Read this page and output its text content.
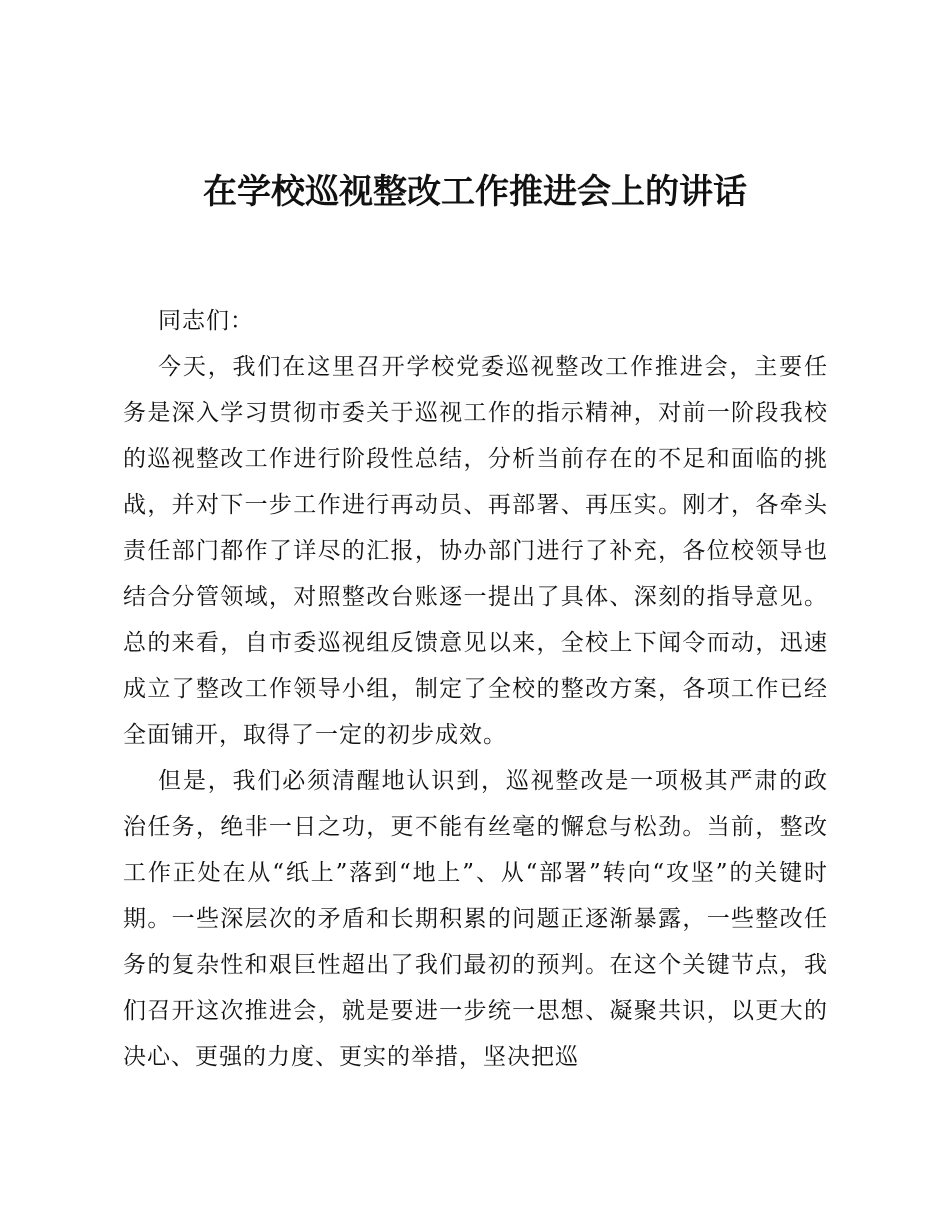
在学校巡视整改工作推进会上的讲话

同志们：

今天，我们在这里召开学校党委巡视整改工作推进会，主要任务是深入学习贯彻市委关于巡视工作的指示精神，对前一阶段我校的巡视整改工作进行阶段性总结，分析当前存在的不足和面临的挑战，并对下一步工作进行再动员、再部署、再压实。刚才，各牵头责任部门都作了详尽的汇报，协办部门进行了补充，各位校领导也结合分管领域，对照整改台账逐一提出了具体、深刻的指导意见。总的来看，自市委巡视组反馈意见以来，全校上下闻令而动，迅速成立了整改工作领导小组，制定了全校的整改方案，各项工作已经全面铺开，取得了一定的初步成效。

但是，我们必须清醒地认识到，巡视整改是一项极其严肃的政治任务，绝非一日之功，更不能有丝毫的懈怠与松劲。当前，整改工作正处在从“纸上”落到“地上”、从“部署”转向“攻坚”的关键时期。一些深层次的矛盾和长期积累的问题正逐渐暴露，一些整改任务的复杂性和艰巨性超出了我们最初的预判。在这个关键节点，我们召开这次推进会，就是要进一步统一思想、凝聚共识，以更大的决心、更强的力度、更实的举措，坚决把巡
